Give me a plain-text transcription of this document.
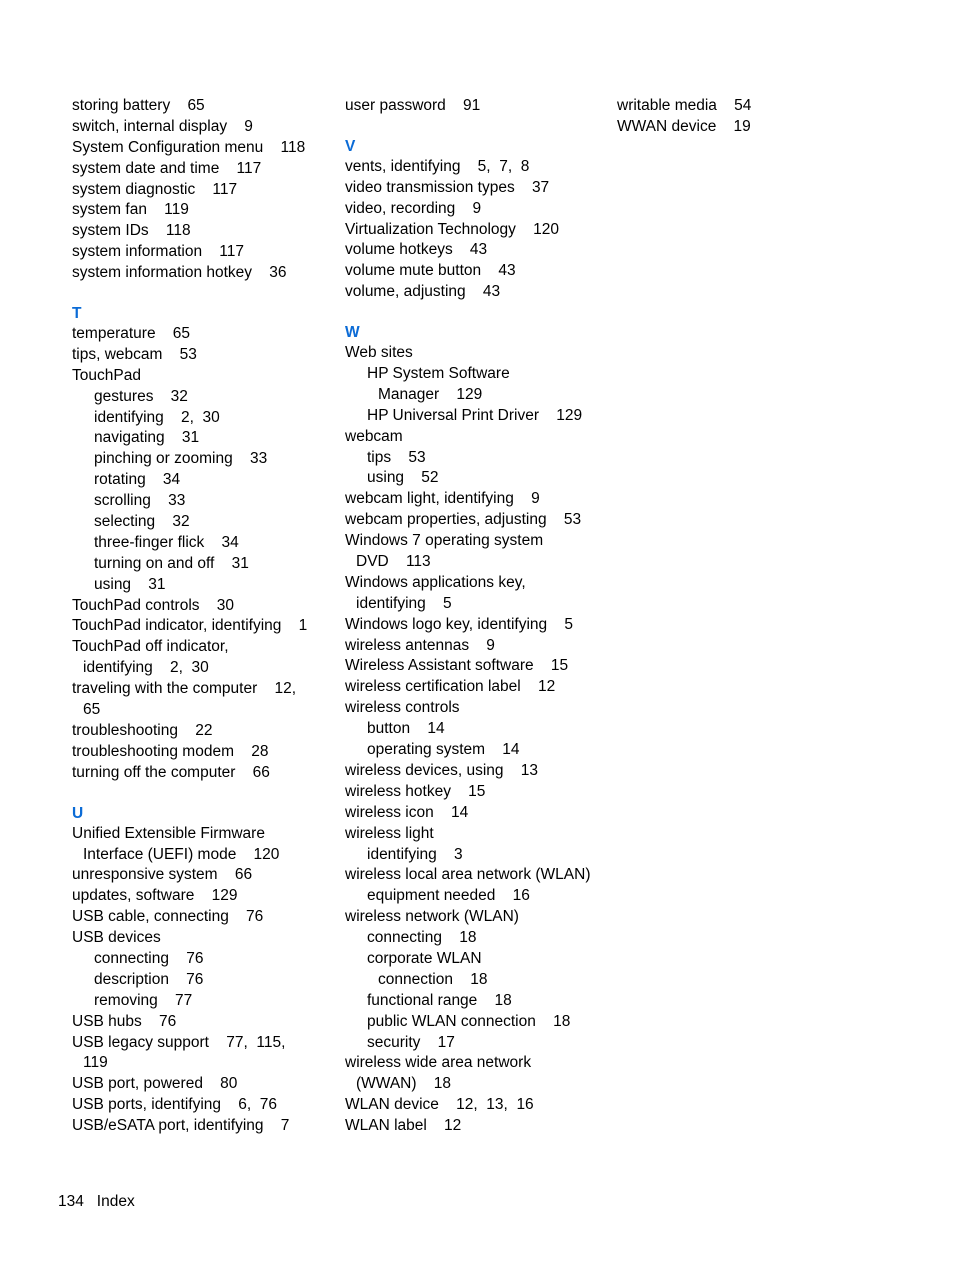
storing battery    65
switch, internal display    9
System Configuration menu    118
system date and time    117
system diagnostic    117
system fan    119
system IDs    118
system information    117
system information hotkey    36
T
temperature    65
tips, webcam    53
TouchPad
gestures    32
identifying    2,  30
navigating    31
pinching or zooming    33
rotating    34
scrolling    33
selecting    32
three-finger flick    34
turning on and off    31
using    31
TouchPad controls    30
TouchPad indicator, identifying    1
TouchPad off indicator,
identifying    2,  30
traveling with the computer    12,
65
troubleshooting    22
troubleshooting modem    28
turning off the computer    66
U
Unified Extensible Firmware
Interface (UEFI) mode    120
unresponsive system    66
updates, software    129
USB cable, connecting    76
USB devices
connecting    76
description    76
removing    77
USB hubs    76
USB legacy support    77,  115,
119
USB port, powered    80
USB ports, identifying    6,  76
USB/eSATA port, identifying    7
user password    91
V
vents, identifying    5,  7,  8
video transmission types    37
video, recording    9
Virtualization Technology    120
volume hotkeys    43
volume mute button    43
volume, adjusting    43
W
Web sites
HP System Software
Manager    129
HP Universal Print Driver    129
webcam
tips    53
using    52
webcam light, identifying    9
webcam properties, adjusting    53
Windows 7 operating system
DVD    113
Windows applications key,
identifying    5
Windows logo key, identifying    5
wireless antennas    9
Wireless Assistant software    15
wireless certification label    12
wireless controls
button    14
operating system    14
wireless devices, using    13
wireless hotkey    15
wireless icon    14
wireless light
identifying    3
wireless local area network (WLAN)
equipment needed    16
wireless network (WLAN)
connecting    18
corporate WLAN
connection    18
functional range    18
public WLAN connection    18
security    17
wireless wide area network
(WWAN)    18
WLAN device    12,  13,  16
WLAN label    12
writable media    54
WWAN device    19
134 Index
